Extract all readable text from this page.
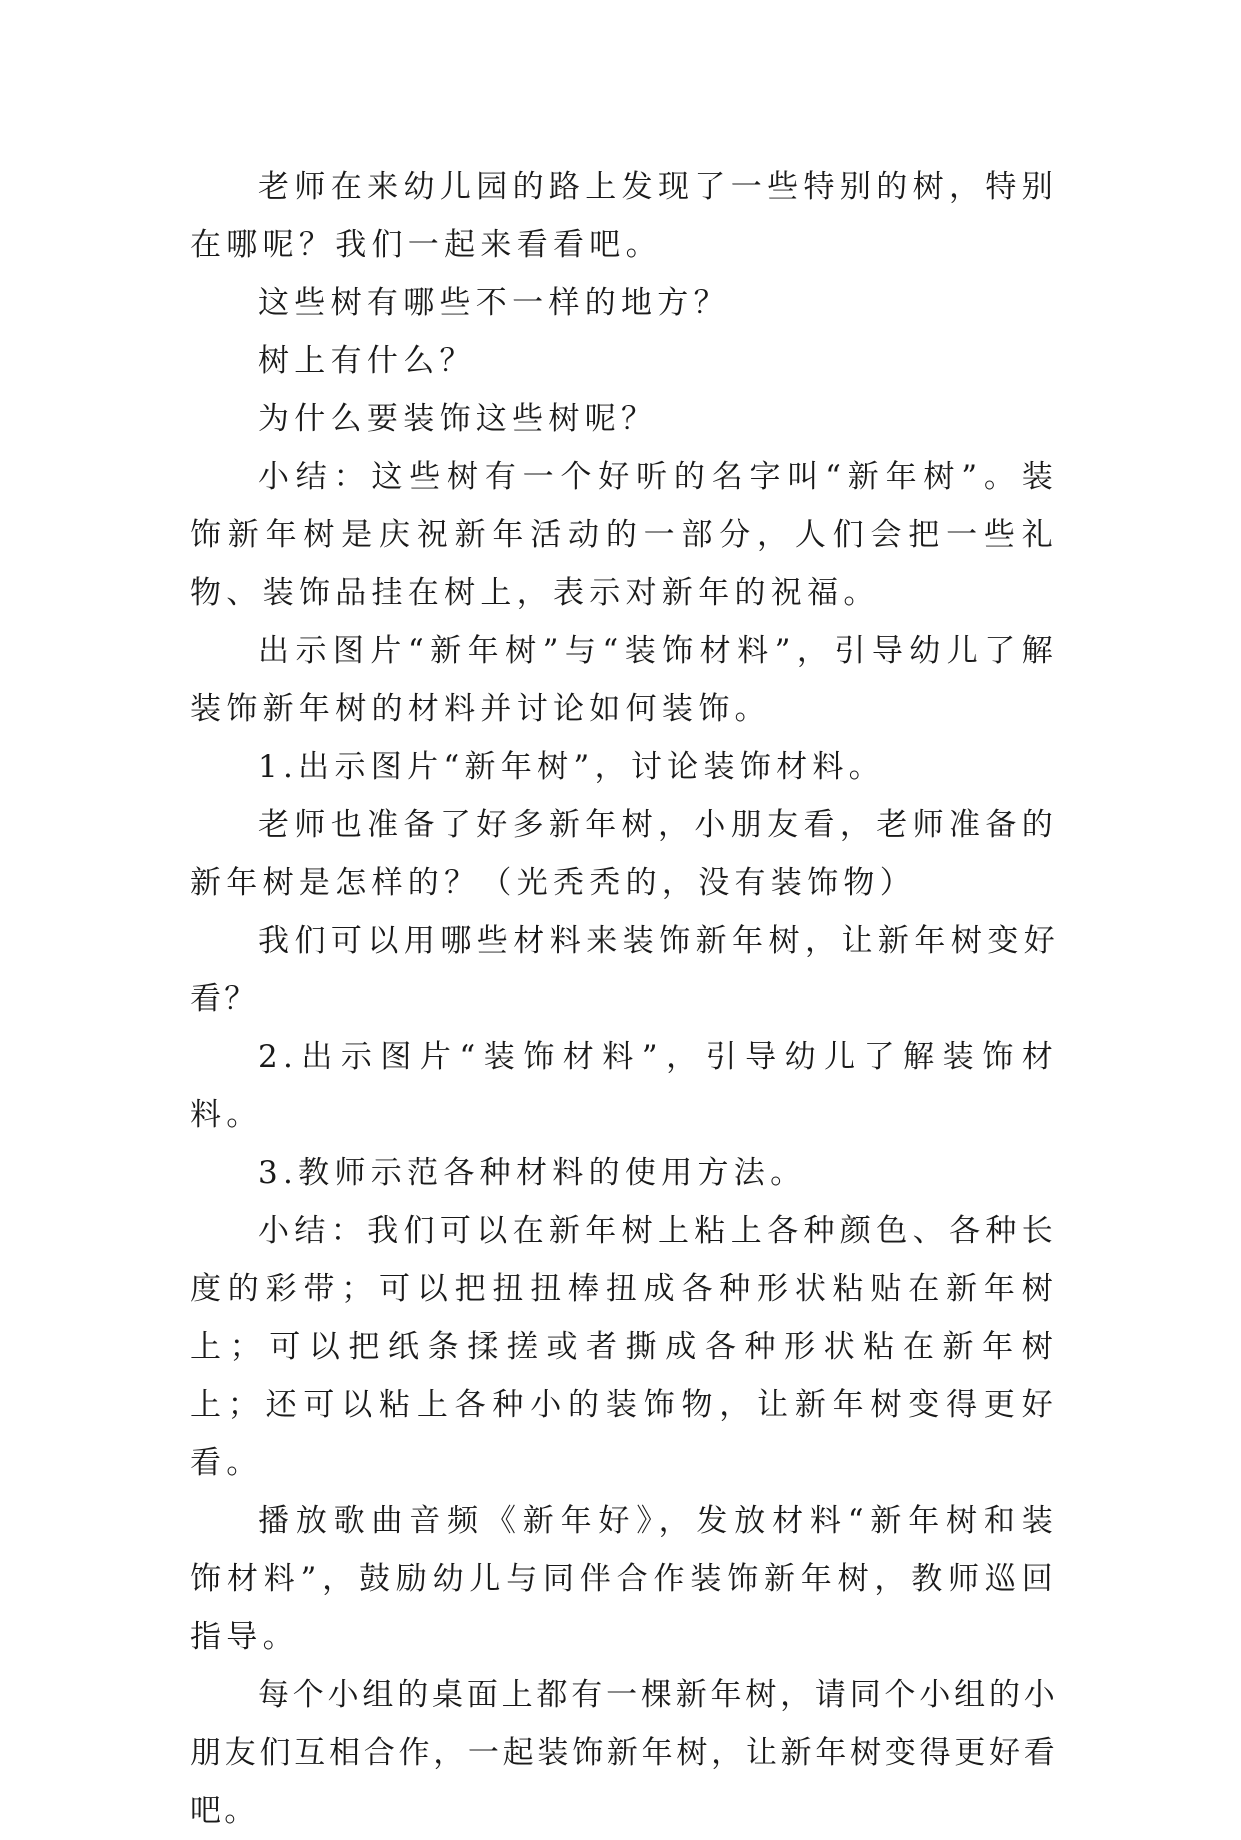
老师在来幼儿园的路上发现了一些特别的树，特别在哪呢？我们一起来看看吧。

这些树有哪些不一样的地方？

树上有什么？

为什么要装饰这些树呢？

小结：这些树有一个好听的名字叫“新年树”。装饰新年树是庆祝新年活动的一部分，人们会把一些礼物、装饰品挂在树上，表示对新年的祝福。

出示图片“新年树”与“装饰材料”，引导幼儿了解装饰新年树的材料并讨论如何装饰。

1.出示图片“新年树”，讨论装饰材料。

老师也准备了好多新年树，小朋友看，老师准备的新年树是怎样的？（光秃秃的，没有装饰物）

我们可以用哪些材料来装饰新年树，让新年树变好看？

2.出示图片“装饰材料”，引导幼儿了解装饰材料。

3.教师示范各种材料的使用方法。

小结：我们可以在新年树上粘上各种颜色、各种长度的彩带；可以把扭扭棒扭成各种形状粘贴在新年树上；可以把纸条揉搓或者撕成各种形状粘在新年树上；还可以粘上各种小的装饰物，让新年树变得更好看。

播放歌曲音频《新年好》，发放材料“新年树和装饰材料”，鼓励幼儿与同伴合作装饰新年树，教师巡回指导。

每个小组的桌面上都有一棵新年树，请同个小组的小朋友们互相合作，一起装饰新年树，让新年树变得更好看吧。
